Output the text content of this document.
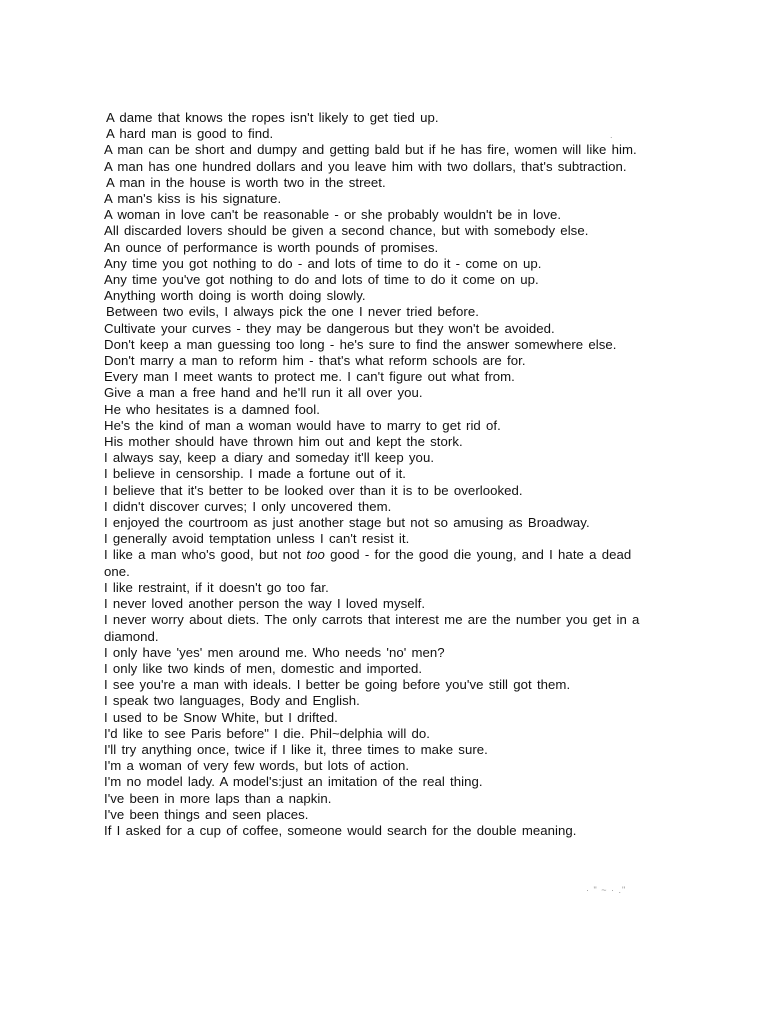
A dame that knows the ropes isn't likely to get tied up.
A hard man is good to find.
A man can be short and dumpy and getting bald but if he has fire, women will like him.
A man has one hundred dollars and you leave him with two dollars, that's subtraction.
A man in the house is worth two in the street.
A man's kiss is his signature.
A woman in love can't be reasonable - or she probably wouldn't be in love.
All discarded lovers should be given a second chance, but with somebody else.
An ounce of performance is worth pounds of promises.
Any time you got nothing to do - and lots of time to do it - come on up.
Any time you've got nothing to do and lots of time to do it come on up.
Anything worth doing is worth doing slowly.
Between two evils, I always pick the one I never tried before.
Cultivate your curves - they may be dangerous but they won't be avoided.
Don't keep a man guessing too long - he's sure to find the answer somewhere else.
Don't marry a man to reform him - that's what reform schools are for.
Every man I meet wants to protect me. I can't figure out what from.
Give a man a free hand and he'll run it all over you.
He who hesitates is a damned fool.
He's the kind of man a woman would have to marry to get rid of.
His mother should have thrown him out and kept the stork.
I always say, keep a diary and someday it'll keep you.
I believe in censorship. I made a fortune out of it.
I believe that it's better to be looked over than it is to be overlooked.
I didn't discover curves; I only uncovered them.
I enjoyed the courtroom as just another stage but not so amusing as Broadway.
I generally avoid temptation unless I can't resist it.
I like a man who's good, but not too good - for the good die young, and I hate a dead one.
I like restraint, if it doesn't go too far.
I never loved another person the way I loved myself.
I never worry about diets. The only carrots that interest me are the number you get in a diamond.
I only have 'yes' men around me. Who needs 'no' men?
I only like two kinds of men, domestic and imported.
I see you're a man with ideals. I better be going before you've still got them.
I speak two languages, Body and English.
I used to be Snow White, but I drifted.
I'd like to see Paris before" I die. Phil~delphia will do.
I'll try anything once, twice if I like it, three times to make sure.
I'm a woman of very few words, but lots of action.
I'm no model lady. A model's:just an imitation of the real thing.
I've been in more laps than a napkin.
I've been things and seen places.
If I asked for a cup of coffee, someone would search for the double meaning.
.
· " ~ · ."
